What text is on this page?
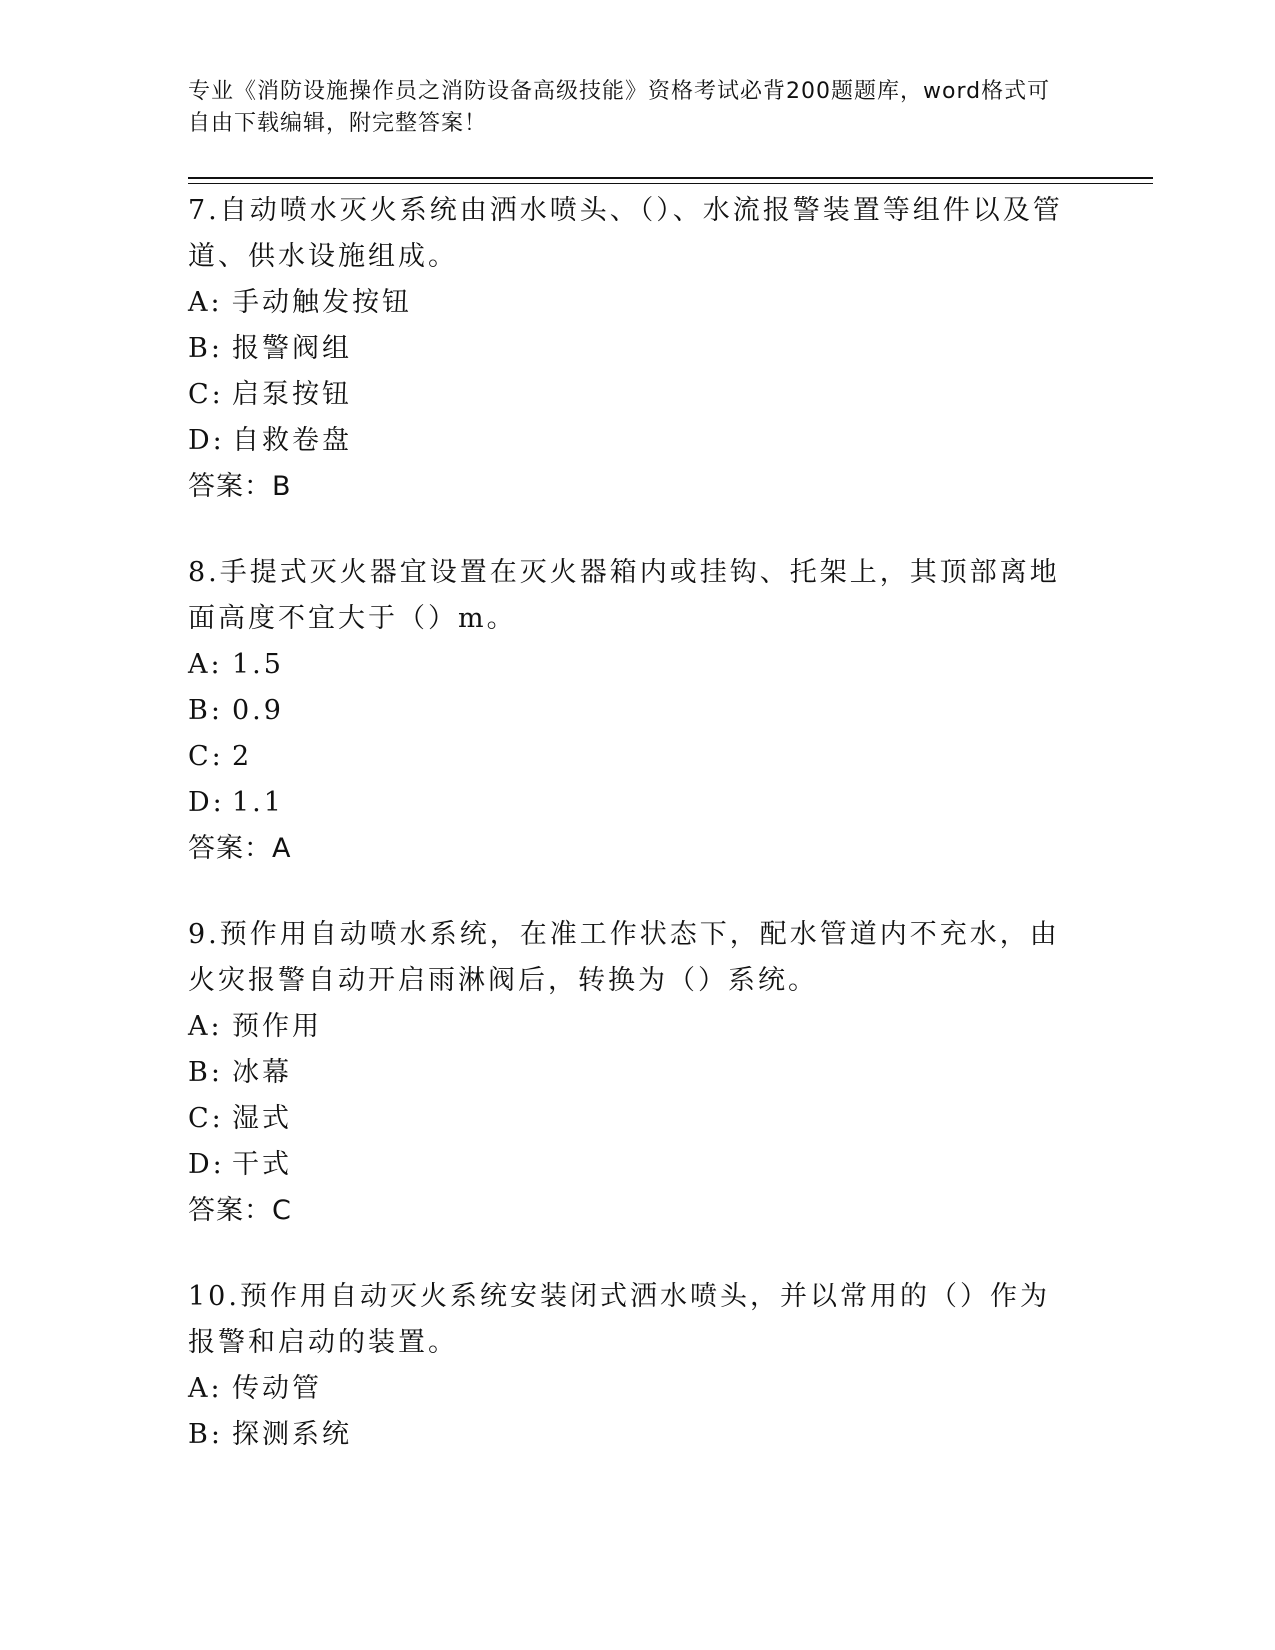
专业《消防设施操作员之消防设备高级技能》资格考试必背200题题库，word格式可自由下载编辑，附完整答案！

7.自动喷水灭火系统由洒水喷头、（）、水流报警装置等组件以及管道、供水设施组成。

A: 手动触发按钮
B: 报警阀组
C: 启泵按钮
D: 自救卷盘
答案：B

8.手提式灭火器宜设置在灭火器箱内或挂钩、托架上，其顶部离地面高度不宜大于（）m。

A: 1.5
B: 0.9
C: 2
D: 1.1
答案：A

9.预作用自动喷水系统，在准工作状态下，配水管道内不充水，由火灾报警自动开启雨淋阀后，转换为（）系统。

A: 预作用
B: 冰幕
C: 湿式
D: 干式
答案：C

10.预作用自动灭火系统安装闭式洒水喷头，并以常用的（）作为报警和启动的装置。

A: 传动管
B: 探测系统
